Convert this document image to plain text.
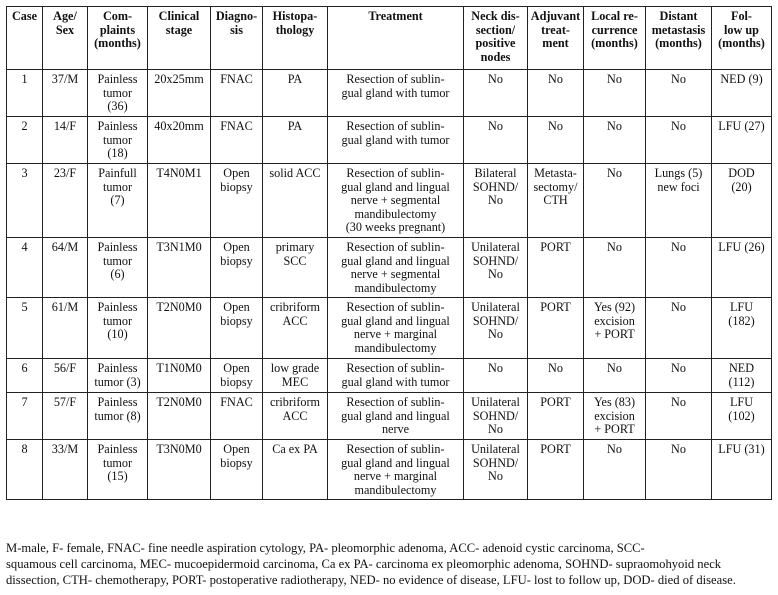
Case	Age/
Sex	Com-
plaints
(months)	Clinical
stage	Diagno-
sis	Histopa-
thology	Treatment	Neck dis-
section/
positive
nodes	Adjuvant
treat-
ment	Local re-
currence
(months)	Distant
metastasis
(months)	Fol-
low up
(months)
1	37/M	Painless
tumor
(36)	20x25mm	FNAC	PA	Resection of sublin-
gual gland with tumor	No	No	No	No	NED (9)
2	14/F	Painless
tumor
(18)	40x20mm	FNAC	PA	Resection of sublin-
gual gland with tumor	No	No	No	No	LFU (27)
3	23/F	Painfull
tumor
(7)	T4N0M1	Open
biopsy	solid ACC	Resection of sublin-
gual gland and lingual
nerve + segmental
mandibulectomy
(30 weeks pregnant)	Bilateral
SOHND/
No	Metasta-
sectomy/
CTH	No	Lungs (5)
new foci	DOD
(20)
4	64/M	Painless
tumor
(6)	T3N1M0	Open
biopsy	primary
SCC	Resection of sublin-
gual gland and lingual
nerve + segmental
mandibulectomy	Unilateral
SOHND/
No	PORT	No	No	LFU (26)
5	61/M	Painless
tumor
(10)	T2N0M0	Open
biopsy	cribriform
ACC	Resection of sublin-
gual gland and lingual
nerve + marginal
mandibulectomy	Unilateral
SOHND/
No	PORT	Yes (92)
excision
+ PORT	No	LFU
(182)
6	56/F	Painless
tumor (3)	T1N0M0	Open
biopsy	low grade
MEC	Resection of sublin-
gual gland with tumor	No	No	No	No	NED
(112)
7	57/F	Painless
tumor (8)	T2N0M0	FNAC	cribriform
ACC	Resection of sublin-
gual gland and lingual
nerve	Unilateral
SOHND/
No	PORT	Yes (83)
excision
+ PORT	No	LFU
(102)
8	33/M	Painless
tumor
(15)	T3N0M0	Open
biopsy	Ca ex PA	Resection of sublin-
gual gland and lingual
nerve + marginal
mandibulectomy	Unilateral
SOHND/
No	PORT	No	No	LFU (31)
M-male, F- female, FNAC- fine needle aspiration cytology, PA- pleomorphic adenoma, ACC- adenoid cystic carcinoma, SCC-
squamous cell carcinoma, MEC- mucoepidermoid carcinoma, Ca ex PA- carcinoma ex pleomorphic adenoma, SOHND- supraomohyoid neck
dissection, CTH- chemotherapy, PORT- postoperative radiotherapy, NED- no evidence of disease, LFU- lost to follow up, DOD- died of disease.
